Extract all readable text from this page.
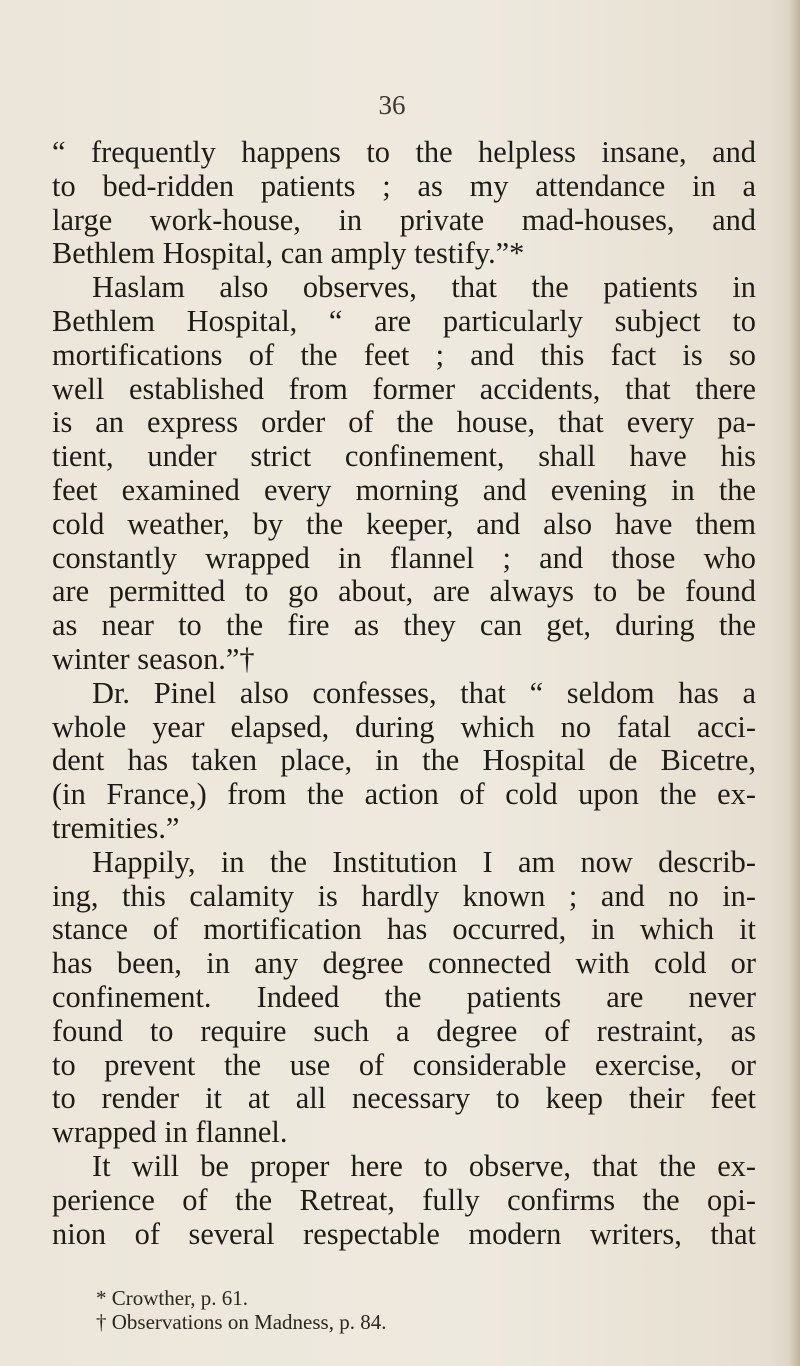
36
“ frequently happens to the helpless insane, and
to bed-ridden patients ; as my attendance in a
large work-house, in private mad-houses, and
Bethlem Hospital, can amply testify.”*
Haslam also observes, that the patients in
Bethlem Hospital, “ are particularly subject to
mortifications of the feet ; and this fact is so
well established from former accidents, that there
is an express order of the house, that every pa-
tient, under strict confinement, shall have his
feet examined every morning and evening in the
cold weather, by the keeper, and also have them
constantly wrapped in flannel ; and those who
are permitted to go about, are always to be found
as near to the fire as they can get, during the
winter season.”†
Dr. Pinel also confesses, that “ seldom has a
whole year elapsed, during which no fatal acci-
dent has taken place, in the Hospital de Bicetre,
(in France,) from the action of cold upon the ex-
tremities.”
Happily, in the Institution I am now describ-
ing, this calamity is hardly known ; and no in-
stance of mortification has occurred, in which it
has been, in any degree connected with cold or
confinement. Indeed the patients are never
found to require such a degree of restraint, as
to prevent the use of considerable exercise, or
to render it at all necessary to keep their feet
wrapped in flannel.
It will be proper here to observe, that the ex-
perience of the Retreat, fully confirms the opi-
nion of several respectable modern writers, that
* Crowther, p. 61.
† Observations on Madness, p. 84.
